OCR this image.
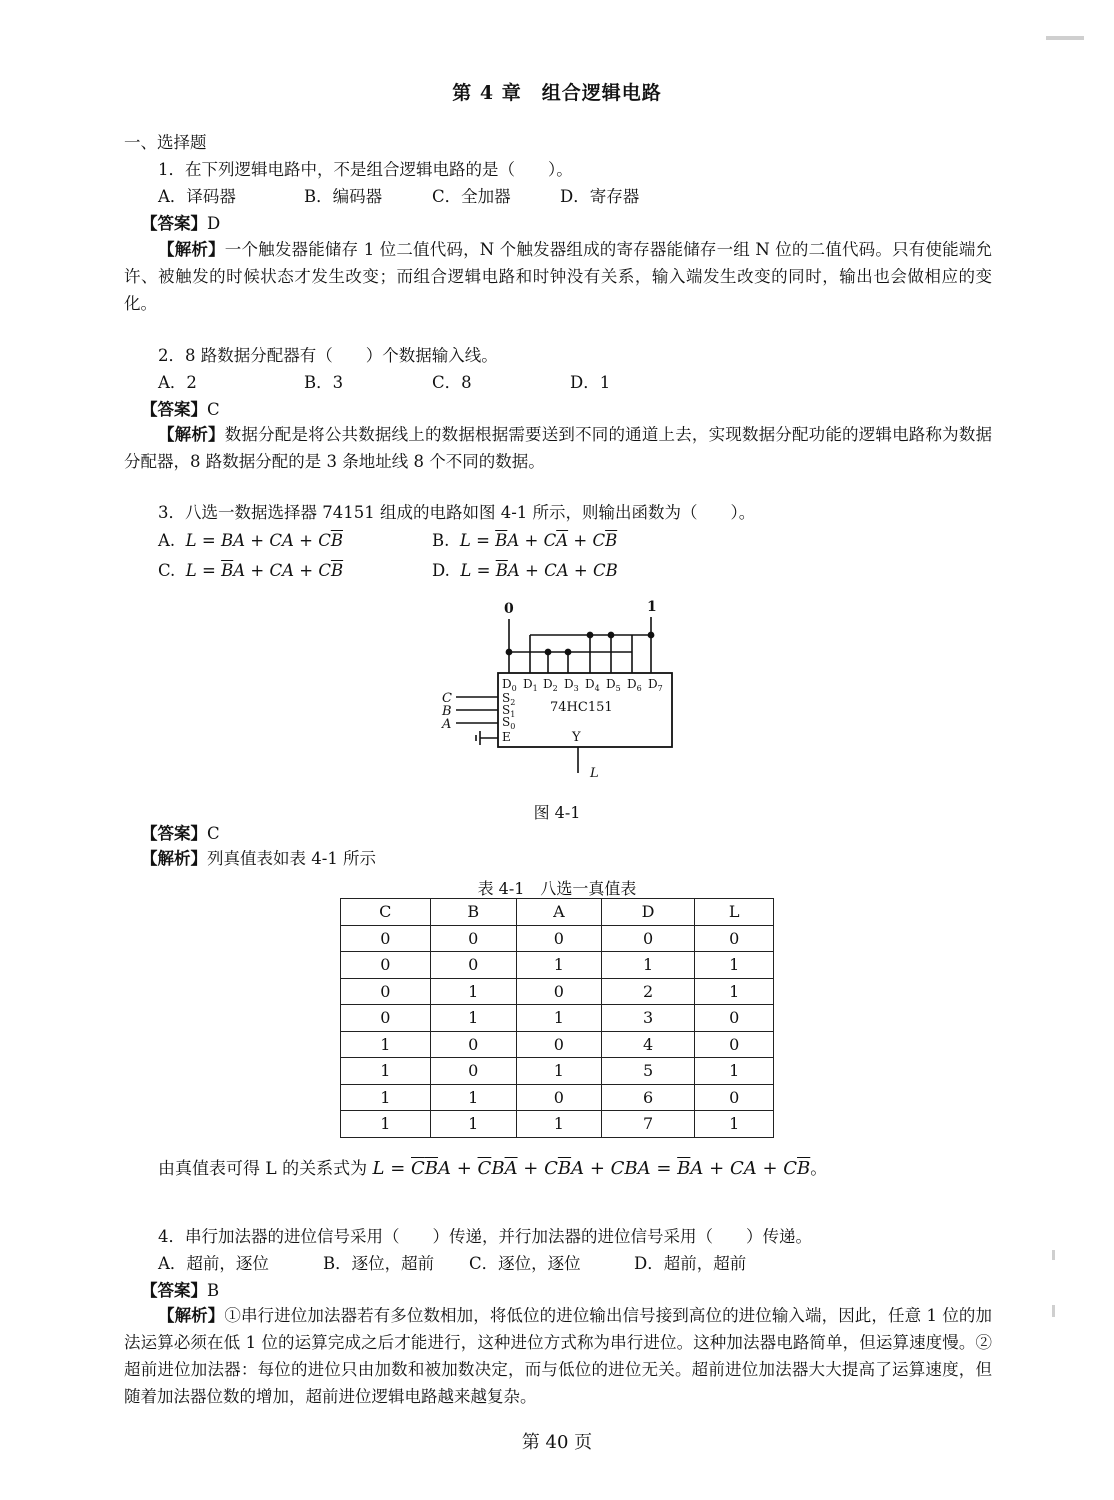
第 4 章　组合逻辑电路
一、选择题
1．在下列逻辑电路中，不是组合逻辑电路的是（　　）。
A．译码器	B．编码器	C．全加器	D．寄存器
【答案】D

【解析】一个触发器能储存 1 位二值代码，N 个触发器组成的寄存器能储存一组 N 位的二值代码。只有使能端允许、被触发的时候状态才发生改变；而组合逻辑电路和时钟没有关系，输入端发生改变的同时，输出也会做相应的变化。

2．8 路数据分配器有（　　）个数据输入线。
A．2	B．3	C．8	D．1
【答案】C

【解析】数据分配是将公共数据线上的数据根据需要送到不同的通道上去，实现数据分配功能的逻辑电路称为数据分配器，8 路数据分配的是 3 条地址线 8 个不同的数据。

3．八选一数据选择器 74151 组成的电路如图 4-1 所示，则输出函数为（　　）。
A. L = BA + CA + $C\overline{B}$	B. $L = \overline{B}A + C\overline{A} + C\overline{B}$
C. $L = \overline{B}A$ + CA + $C\overline{B}$	D. $L = \overline{B}A$ + CA + CB
0	1
$D_0$ $D_1$ $D_2$ $D_3$ $D_4$ $D_5$ $D_6$ $D_7$
$S_2$
$S_1$
$S_0$
E
74HC151
Y
C
B
A
L
图 4-1
【答案】C
【解析】列真值表如表 4-1 所示
表 4-1　八选一真值表
C	B	A	D	L
0	0	0	0	0
0	0	1	1	1
0	1	0	2	1
0	1	1	3	0
1	0	0	4	0
1	0	1	5	1
1	1	0	6	0
1	1	1	7	1
由真值表可得 L 的关系式为 $L = \overline{C}\overline{B}A + \overline{C}B\overline{A} + C\overline{B}A$ + CBA = $\overline{B}A$ + CA + $C\overline{B}$。
4．串行加法器的进位信号采用（　　）传递，并行加法器的进位信号采用（　　）传递。
A．超前，逐位	B．逐位，超前 C．逐位，逐位	D．超前，超前
【答案】B

【解析】①串行进位加法器若有多位数相加，将低位的进位输出信号接到高位的进位输入端，因此，任意 1 位的加法运算必须在低 1 位的运算完成之后才能进行，这种进位方式称为串行进位。这种加法器电路简单，但运算速度慢。②超前进位加法器：每位的进位只由加数和被加数决定，而与低位的进位无关。超前进位加法器大大提高了运算速度，但随着加法器位数的增加，超前进位逻辑电路越来越复杂。

第 40 页
